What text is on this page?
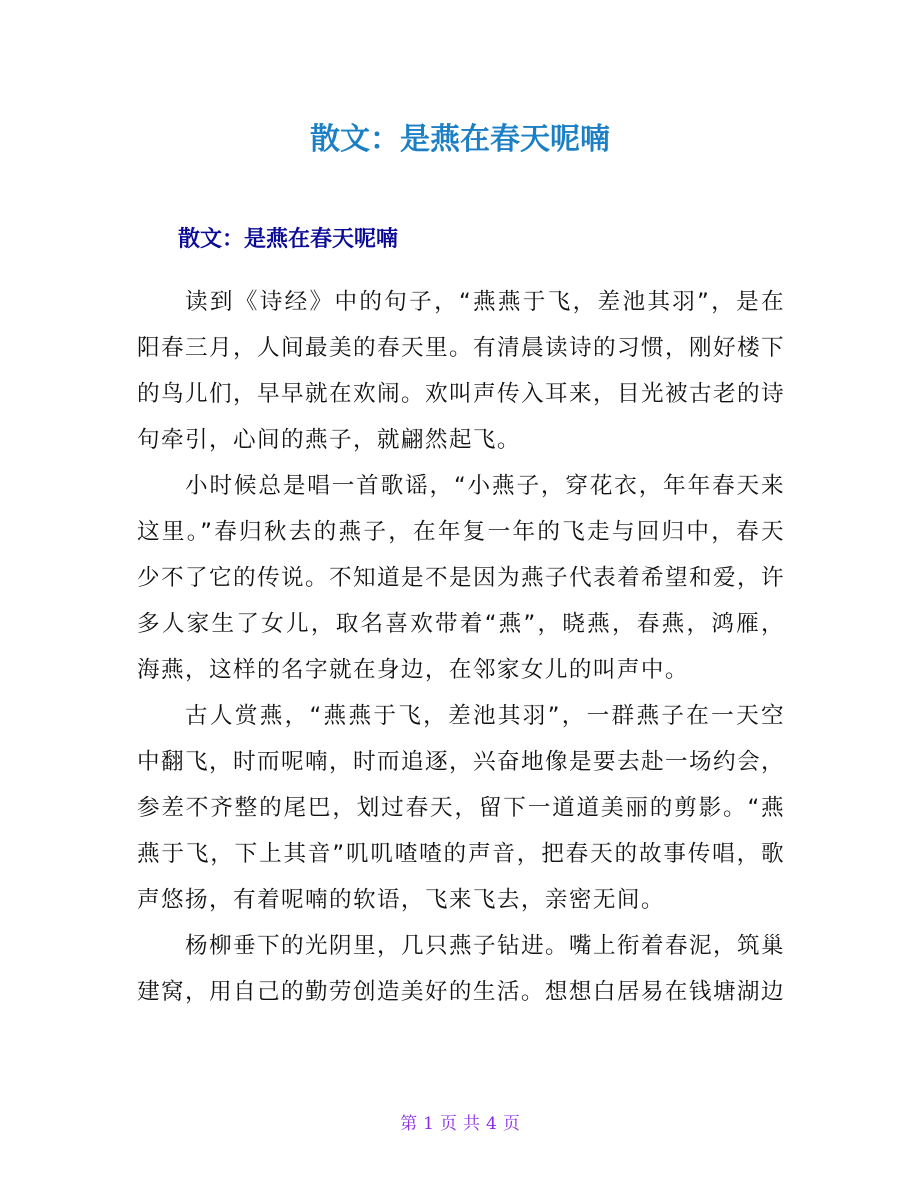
散文：是燕在春天呢喃
散文：是燕在春天呢喃

读到《诗经》中的句子，“燕燕于飞，差池其羽”，是在阳春三月，人间最美的春天里。有清晨读诗的习惯，刚好楼下的鸟儿们，早早就在欢闹。欢叫声传入耳来，目光被古老的诗句牵引，心间的燕子，就翩然起飞。

小时候总是唱一首歌谣，“小燕子，穿花衣，年年春天来这里。”春归秋去的燕子，在年复一年的飞走与回归中，春天少不了它的传说。不知道是不是因为燕子代表着希望和爱，许多人家生了女儿，取名喜欢带着“燕”，晓燕，春燕，鸿雁，海燕，这样的名字就在身边，在邻家女儿的叫声中。

古人赏燕，“燕燕于飞，差池其羽”，一群燕子在一天空中翻飞，时而呢喃，时而追逐，兴奋地像是要去赴一场约会，参差不齐整的尾巴，划过春天，留下一道道美丽的剪影。“燕燕于飞，下上其音”叽叽喳喳的声音，把春天的故事传唱，歌声悠扬，有着呢喃的软语，飞来飞去，亲密无间。

杨柳垂下的光阴里，几只燕子钻进。嘴上衔着春泥，筑巢建窝，用自己的勤劳创造美好的生活。想想白居易在钱塘湖边

第 1 页 共 4 页
